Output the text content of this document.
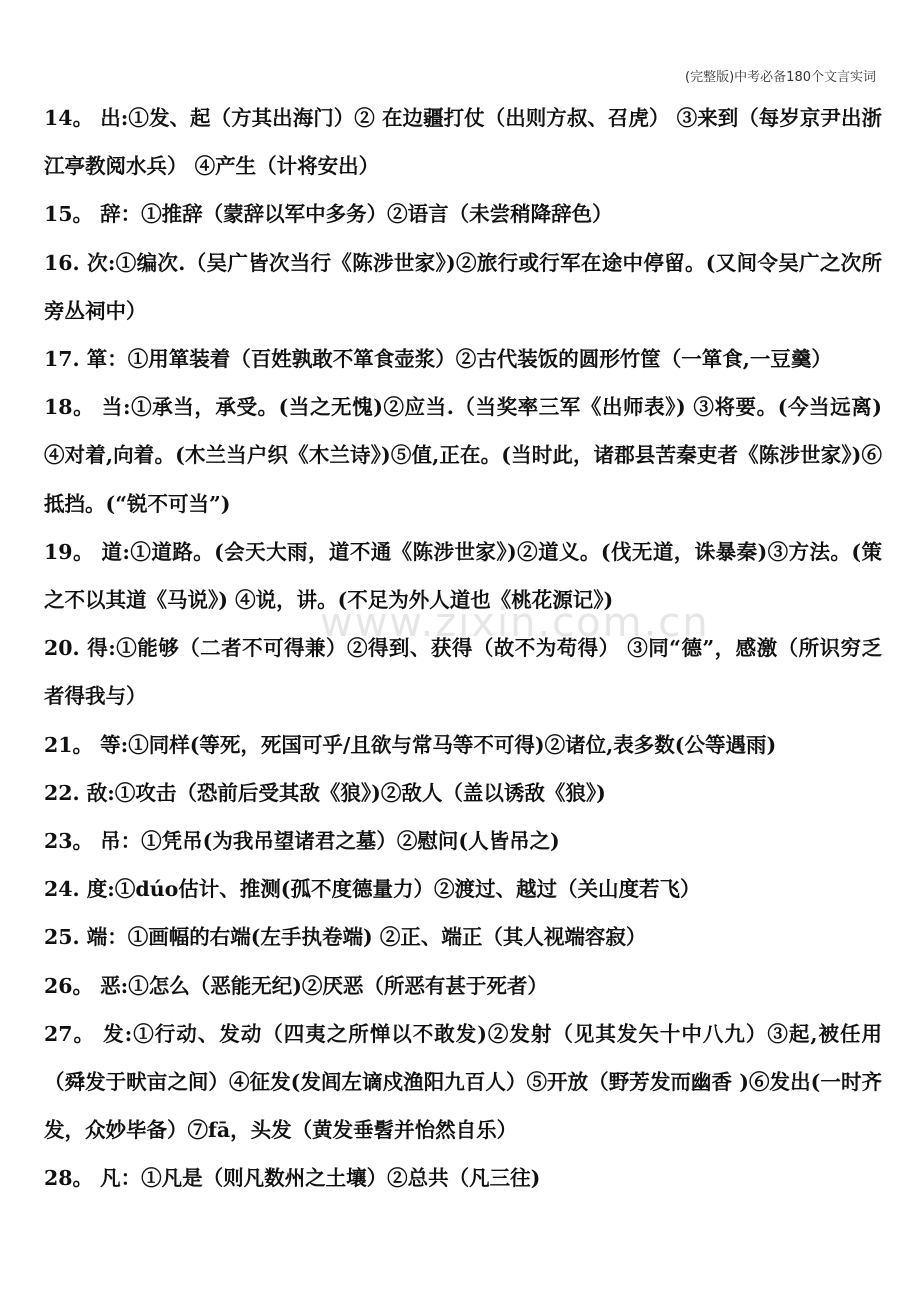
(完整版)中考必备180个文言实词
www.zixin.com.cn

14。 出:①发、起（方其出海门）② 在边疆打仗（出则方叔、召虎） ③来到（每岁京尹出浙江亭教阅水兵） ④产生（计将安出）

15。 辞：①推辞（蒙辞以军中多务）②语言（未尝稍降辞色）

16. 次:①编次.（吴广皆次当行《陈涉世家》)②旅行或行军在途中停留。(又间令吴广之次所旁丛祠中）

17. 箪：①用箪装着（百姓孰敢不箪食壶浆）②古代装饭的圆形竹筐（一箪食,一豆羹）

18。 当:①承当，承受。(当之无愧)②应当.（当奖率三军《出师表》) ③将要。(今当远离) ④对着,向着。(木兰当户织《木兰诗》)⑤值,正在。(当时此，诸郡县苦秦吏者《陈涉世家》)⑥抵挡。(“锐不可当”)

19。 道:①道路。(会天大雨，道不通《陈涉世家》)②道义。(伐无道，诛暴秦)③方法。(策之不以其道《马说》) ④说，讲。(不足为外人道也《桃花源记》)

20. 得:①能够（二者不可得兼）②得到、获得（故不为苟得） ③同“德”，感激（所识穷乏者得我与）

21。 等:①同样(等死，死国可乎/且欲与常马等不可得)②诸位,表多数(公等遇雨)

22. 敌:①攻击（恐前后受其敌《狼》)②敌人（盖以诱敌《狼》)

23。 吊：①凭吊(为我吊望诸君之墓）②慰问(人皆吊之)

24. 度:①dúo估计、推测(孤不度德量力）②渡过、越过（关山度若飞）

25. 端：①画幅的右端(左手执卷端) ②正、端正（其人视端容寂）

26。 恶:①怎么（恶能无纪)②厌恶（所恶有甚于死者）

27。 发:①行动、发动（四夷之所惮以不敢发)②发射（见其发矢十中八九）③起,被任用（舜发于畎亩之间）④征发(发闾左谪戍渔阳九百人）⑤开放（野芳发而幽香 )⑥发出(一时齐发，众妙毕备）⑦fā，头发（黄发垂髫并怡然自乐）

28。 凡：①凡是（则凡数州之土壤）②总共（凡三往)
